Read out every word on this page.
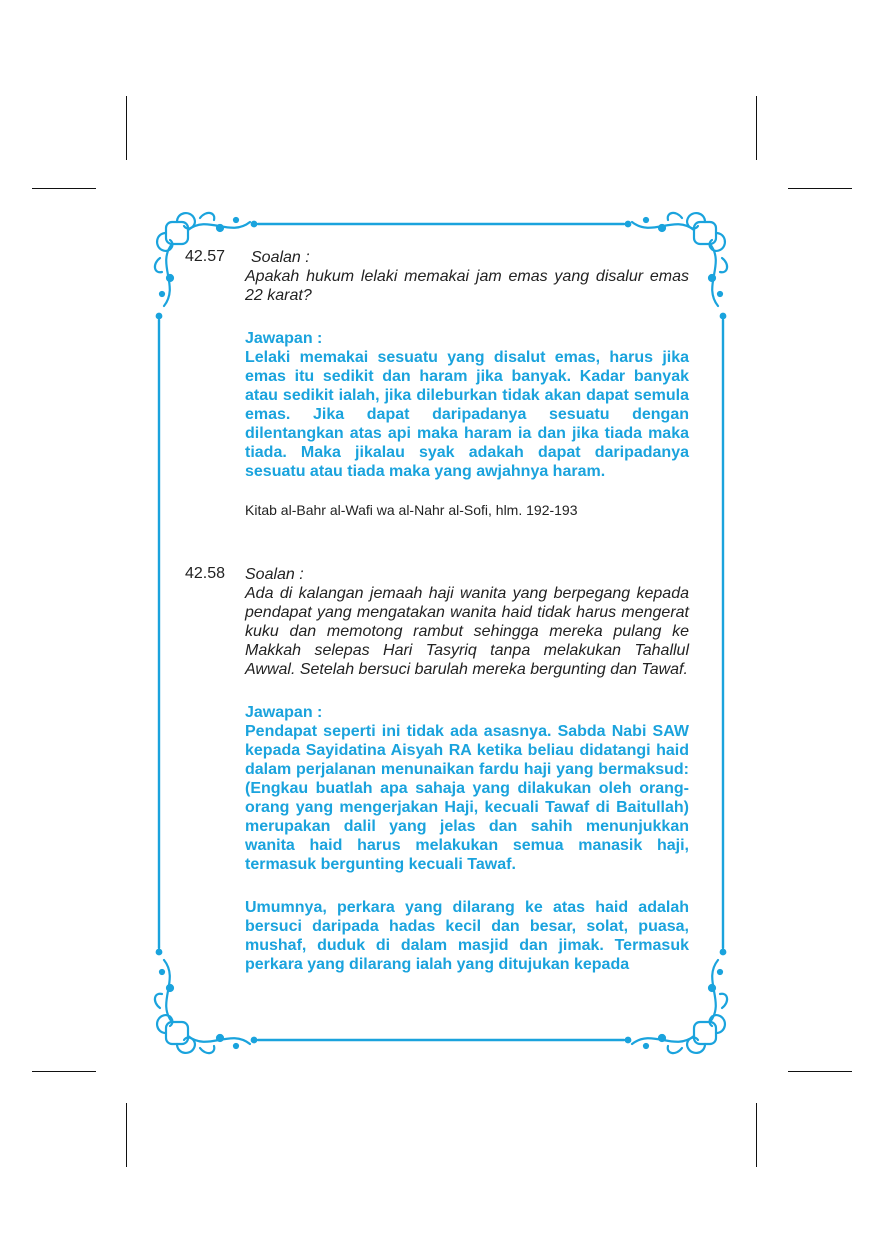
42.57	Soalan :
Apakah hukum lelaki memakai jam emas yang disalur emas 22 karat?
Jawapan :
Lelaki memakai sesuatu yang disalut emas, harus jika emas itu sedikit dan haram jika banyak. Kadar banyak atau sedikit ialah, jika dileburkan tidak akan dapat semula emas. Jika dapat daripadanya sesuatu dengan dilentangkan atas api maka haram ia dan jika tiada maka tiada. Maka jikalau syak adakah dapat daripadanya sesuatu atau tiada maka yang awjahnya haram.
Kitab al-Bahr al-Wafi wa al-Nahr al-Sofi, hlm. 192-193
42.58 Soalan :
Ada di kalangan jemaah haji wanita yang berpegang kepada pendapat yang mengatakan wanita haid tidak harus mengerat kuku dan memotong rambut sehingga mereka pulang ke Makkah selepas Hari Tasyriq tanpa melakukan Tahallul Awwal. Setelah bersuci barulah mereka bergunting dan Tawaf.
Jawapan :
Pendapat seperti ini tidak ada asasnya. Sabda Nabi SAW kepada Sayidatina Aisyah RA ketika beliau didatangi haid dalam perjalanan menunaikan fardu haji yang bermaksud: (Engkau buatlah apa sahaja yang dilakukan oleh orang-orang yang mengerjakan Haji, kecuali Tawaf di Baitullah) merupakan dalil yang jelas dan sahih menunjukkan wanita haid harus melakukan semua manasik haji, termasuk bergunting kecuali Tawaf.
Umumnya, perkara yang dilarang ke atas haid adalah bersuci daripada hadas kecil dan besar, solat, puasa, mushaf, duduk di dalam masjid dan jimak. Termasuk perkara yang dilarang ialah yang ditujukan kepada
